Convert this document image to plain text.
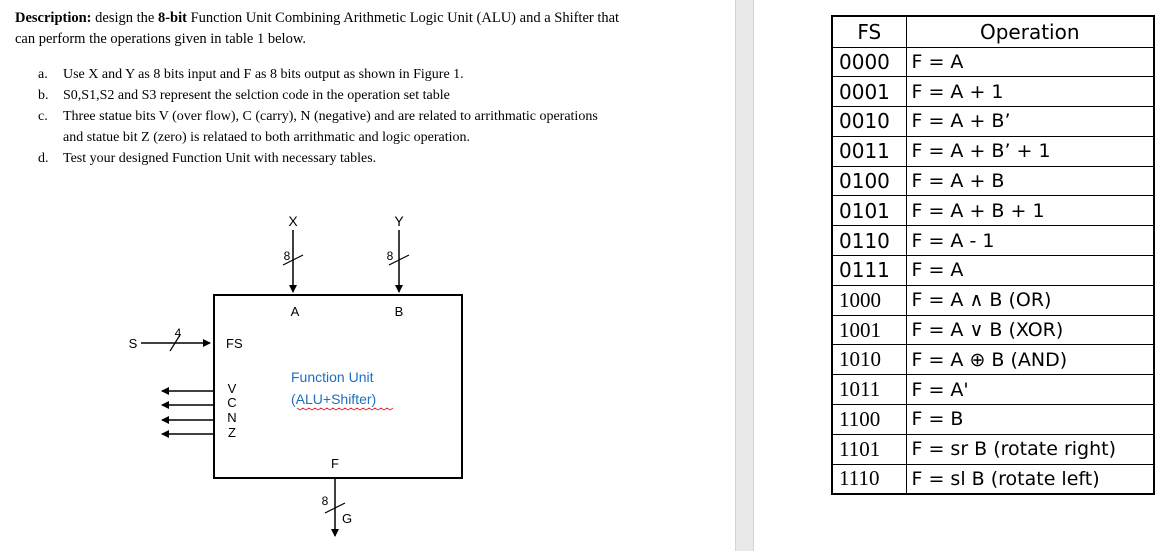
Description: design the 8-bit Function Unit Combining Arithmetic Logic Unit (ALU) and a Shifter that can perform the operations given in table 1 below.
a.	Use X and Y as 8 bits input and F as 8 bits output as shown in Figure 1.
b.	S0,S1,S2 and S3 represent the selction code in the operation set table
c.	Three statue bits V (over flow), C (carry), N (negative) and are related to arrithmatic operations and statue bit Z (zero) is relataed to both arrithmatic and logic operation.
d.	Test your designed Function Unit with necessary tables.
X
8
Y
8
A	B
S
4
FS
V
C
N
Z
Function Unit
(ALU+Shifter)
F
8
G
FS	Operation
0000	F = A
0001	F = A + 1
0010	F = A + B’
0011	F = A + B’ + 1
0100	F = A + B
0101	F = A + B + 1
0110	F = A - 1
0111	F = A
1000	F = A ∧ B (OR)
1001	F = A ∨ B (XOR)
1010	F = A ⊕ B (AND)
1011	F = A'
1100	F = B
1101	F = sr B (rotate right)
1110	F = sl B (rotate left)
